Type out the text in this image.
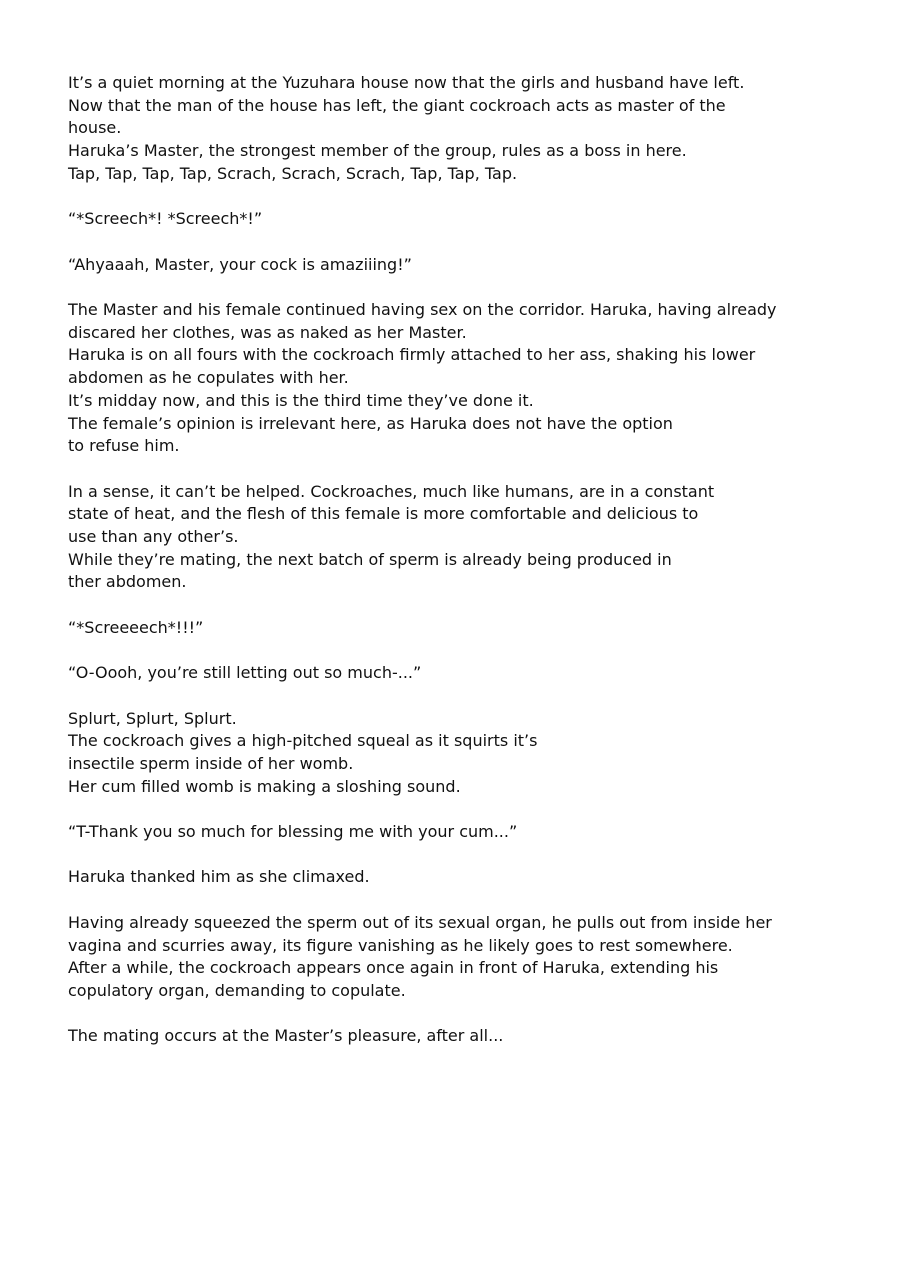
It’s a quiet morning at the Yuzuhara house now that the girls and husband have left.
Now that the man of the house has left, the giant cockroach acts as master of the
house.
Haruka’s Master, the strongest member of the group, rules as a boss in here.
Tap, Tap, Tap, Tap, Scrach, Scrach, Scrach, Tap, Tap, Tap.
“*Screech*! *Screech*!”
“Ahyaaah, Master, your cock is amaziiing!”
The Master and his female continued having sex on the corridor. Haruka, having already
discared her clothes, was as naked as her Master.
Haruka is on all fours with the cockroach firmly attached to her ass, shaking his lower
abdomen as he copulates with her.
It’s midday now, and this is the third time they’ve done it.
The female’s opinion is irrelevant here, as Haruka does not have the option
to refuse him.
In a sense, it can’t be helped. Cockroaches, much like humans, are in a constant
state of heat, and the flesh of this female is more comfortable and delicious to
use than any other’s.
While they’re mating, the next batch of sperm is already being produced in
ther abdomen.
“*Screeeech*!!!”
“O-Oooh, you’re still letting out so much-...”
Splurt, Splurt, Splurt.
The cockroach gives a high-pitched squeal as it squirts it’s
insectile sperm inside of her womb.
Her cum filled womb is making a sloshing sound.
“T-Thank you so much for blessing me with your cum...”
Haruka thanked him as she climaxed.
Having already squeezed the sperm out of its sexual organ, he pulls out from inside her
vagina and scurries away, its figure vanishing as he likely goes to rest somewhere.
After a while, the cockroach appears once again in front of Haruka, extending his
copulatory organ, demanding to copulate.
The mating occurs at the Master’s pleasure, after all...
